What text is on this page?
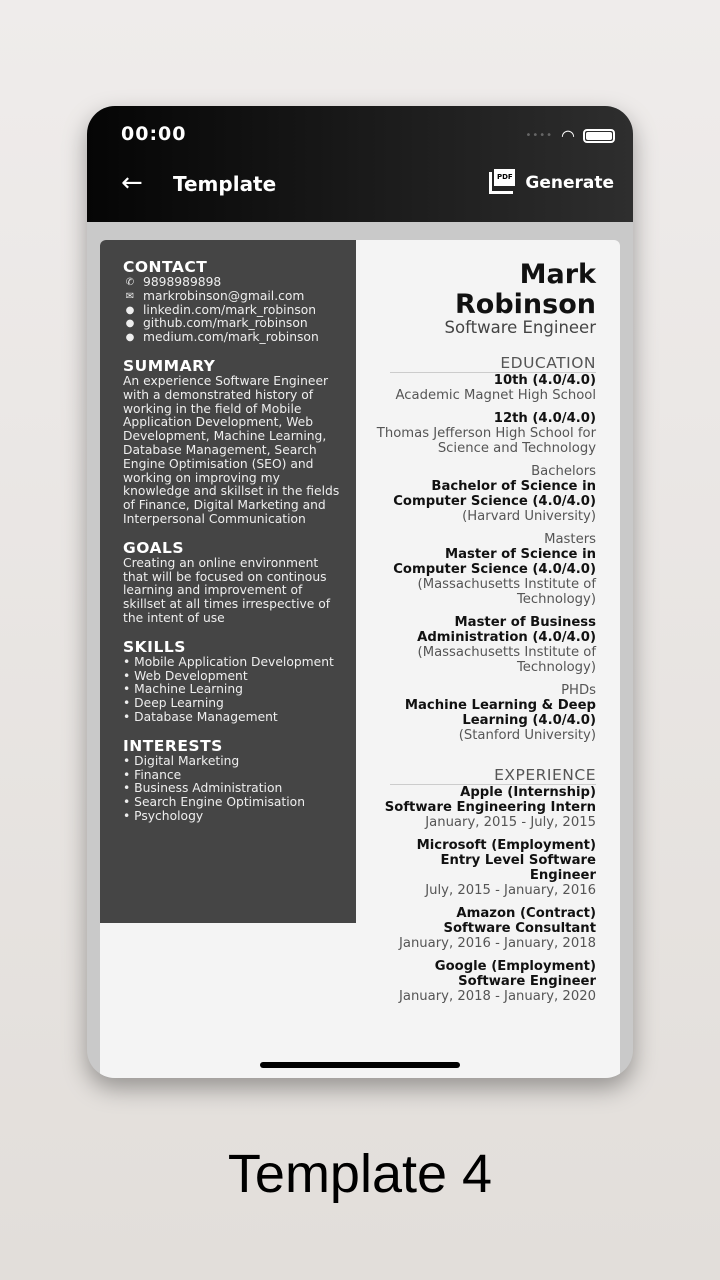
00:00	•••• ◠
← Template	PDF Generate
CONTACT
✆ 9898989898
✉ markrobinson@gmail.com
● linkedin.com/mark_robinson
● github.com/mark_robinson
● medium.com/mark_robinson
SUMMARY
An experience Software Engineer with a demonstrated history of working in the field of Mobile Application Development, Web Development, Machine Learning, Database Management, Search Engine Optimisation (SEO) and working on improving my knowledge and skillset in the fields of Finance, Digital Marketing and Interpersonal Communication
GOALS
Creating an online environment that will be focused on continous learning and improvement of skillset at all times irrespective of the intent of use
SKILLS
• Mobile Application Development
• Web Development
• Machine Learning
• Deep Learning
• Database Management
INTERESTS
• Digital Marketing
• Finance
• Business Administration
• Search Engine Optimisation
• Psychology
Mark
Robinson
Software Engineer
EDUCATION
10th (4.0/4.0)
Academic Magnet High School
12th (4.0/4.0)
Thomas Jefferson High School for Science and Technology
Bachelors
Bachelor of Science in Computer Science (4.0/4.0)
(Harvard University)
Masters
Master of Science in Computer Science (4.0/4.0)
(Massachusetts Institute of Technology)
Master of Business Administration (4.0/4.0)
(Massachusetts Institute of Technology)
PHDs
Machine Learning & Deep Learning (4.0/4.0)
(Stanford University)
EXPERIENCE
Apple (Internship)
Software Engineering Intern
January, 2015 - July, 2015
Microsoft (Employment)
Entry Level Software Engineer
July, 2015 - January, 2016
Amazon (Contract)
Software Consultant
January, 2016 - January, 2018
Google (Employment)
Software Engineer
January, 2018 - January, 2020
Template 4
